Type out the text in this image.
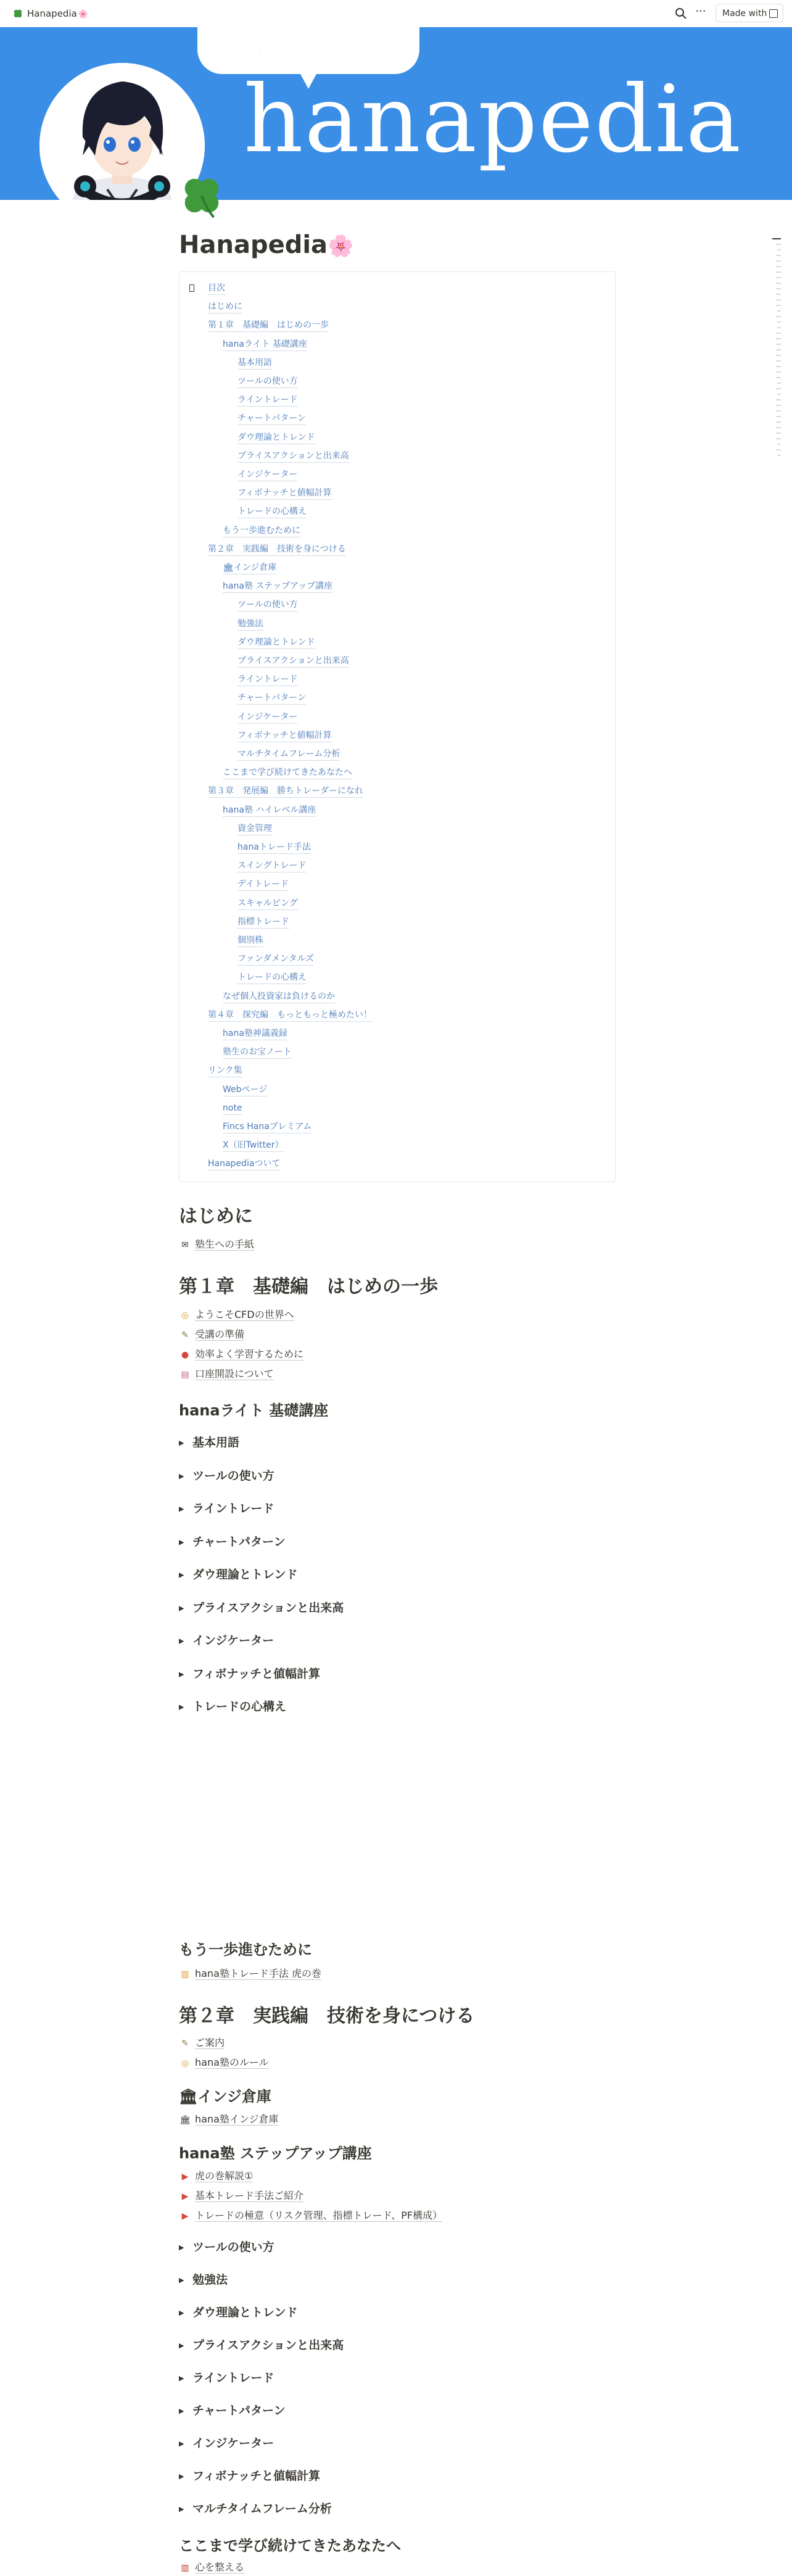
Hanapedia 🌸	···	Made with
· · ·
hanapedia
Hanapedia🌸
目次
はじめに
第１章　基礎編　はじめの一歩
hanaライト 基礎講座
基本用語
ツールの使い方
ライントレード
チャートパターン
ダウ理論とトレンド
プライスアクションと出来高
インジケーター
フィボナッチと値幅計算
トレードの心構え
もう一歩進むために
第２章　実践編　技術を身につける
🏛インジ倉庫
hana塾 ステップアップ講座
ツールの使い方
勉強法
ダウ理論とトレンド
プライスアクションと出来高
ライントレード
チャートパターン
インジケーター
フィボナッチと値幅計算
マルチタイムフレーム分析
ここまで学び続けてきたあなたへ
第３章　発展編　勝ちトレーダーになれ
hana塾 ハイレベル講座
資金管理
hanaトレード手法
スイングトレード
デイトレード
スキャルピング
指標トレード
個別株
ファンダメンタルズ
トレードの心構え
なぜ個人投資家は負けるのか
第４章　探究編　もっともっと極めたい！
hana塾神議義録
塾生のお宝ノート
リンク集
Webページ
note
Fincs Hanaプレミアム
X（旧Twitter）
Hanapediaついて
はじめに
✉ 塾生への手紙
第１章　基礎編　はじめの一歩
◎ ようこそCFDの世界へ
✎ 受講の準備
● 効率よく学習するために
▤ 口座開設について
hanaライト 基礎講座
▶ 基本用語
▶ ツールの使い方
▶ ライントレード
▶ チャートパターン
▶ ダウ理論とトレンド
▶ プライスアクションと出来高
▶ インジケーター
▶ フィボナッチと値幅計算
▶ トレードの心構え
もう一歩進むために
▥ hana塾トレード手法 虎の巻
第２章　実践編　技術を身につける
✎ ご案内
◎ hana塾のルール
🏛インジ倉庫
🏛 hana塾インジ倉庫
hana塾 ステップアップ講座
▶ 虎の巻解説①
▶ 基本トレード手法ご紹介
▶ トレードの極意（リスク管理、指標トレード、PF構成）
▶ ツールの使い方
▶ 勉強法
▶ ダウ理論とトレンド
▶ プライスアクションと出来高
▶ ライントレード
▶ チャートパターン
▶ インジケーター
▶ フィボナッチと値幅計算
▶ マルチタイムフレーム分析
ここまで学び続けてきたあなたへ
▥ 心を整える
